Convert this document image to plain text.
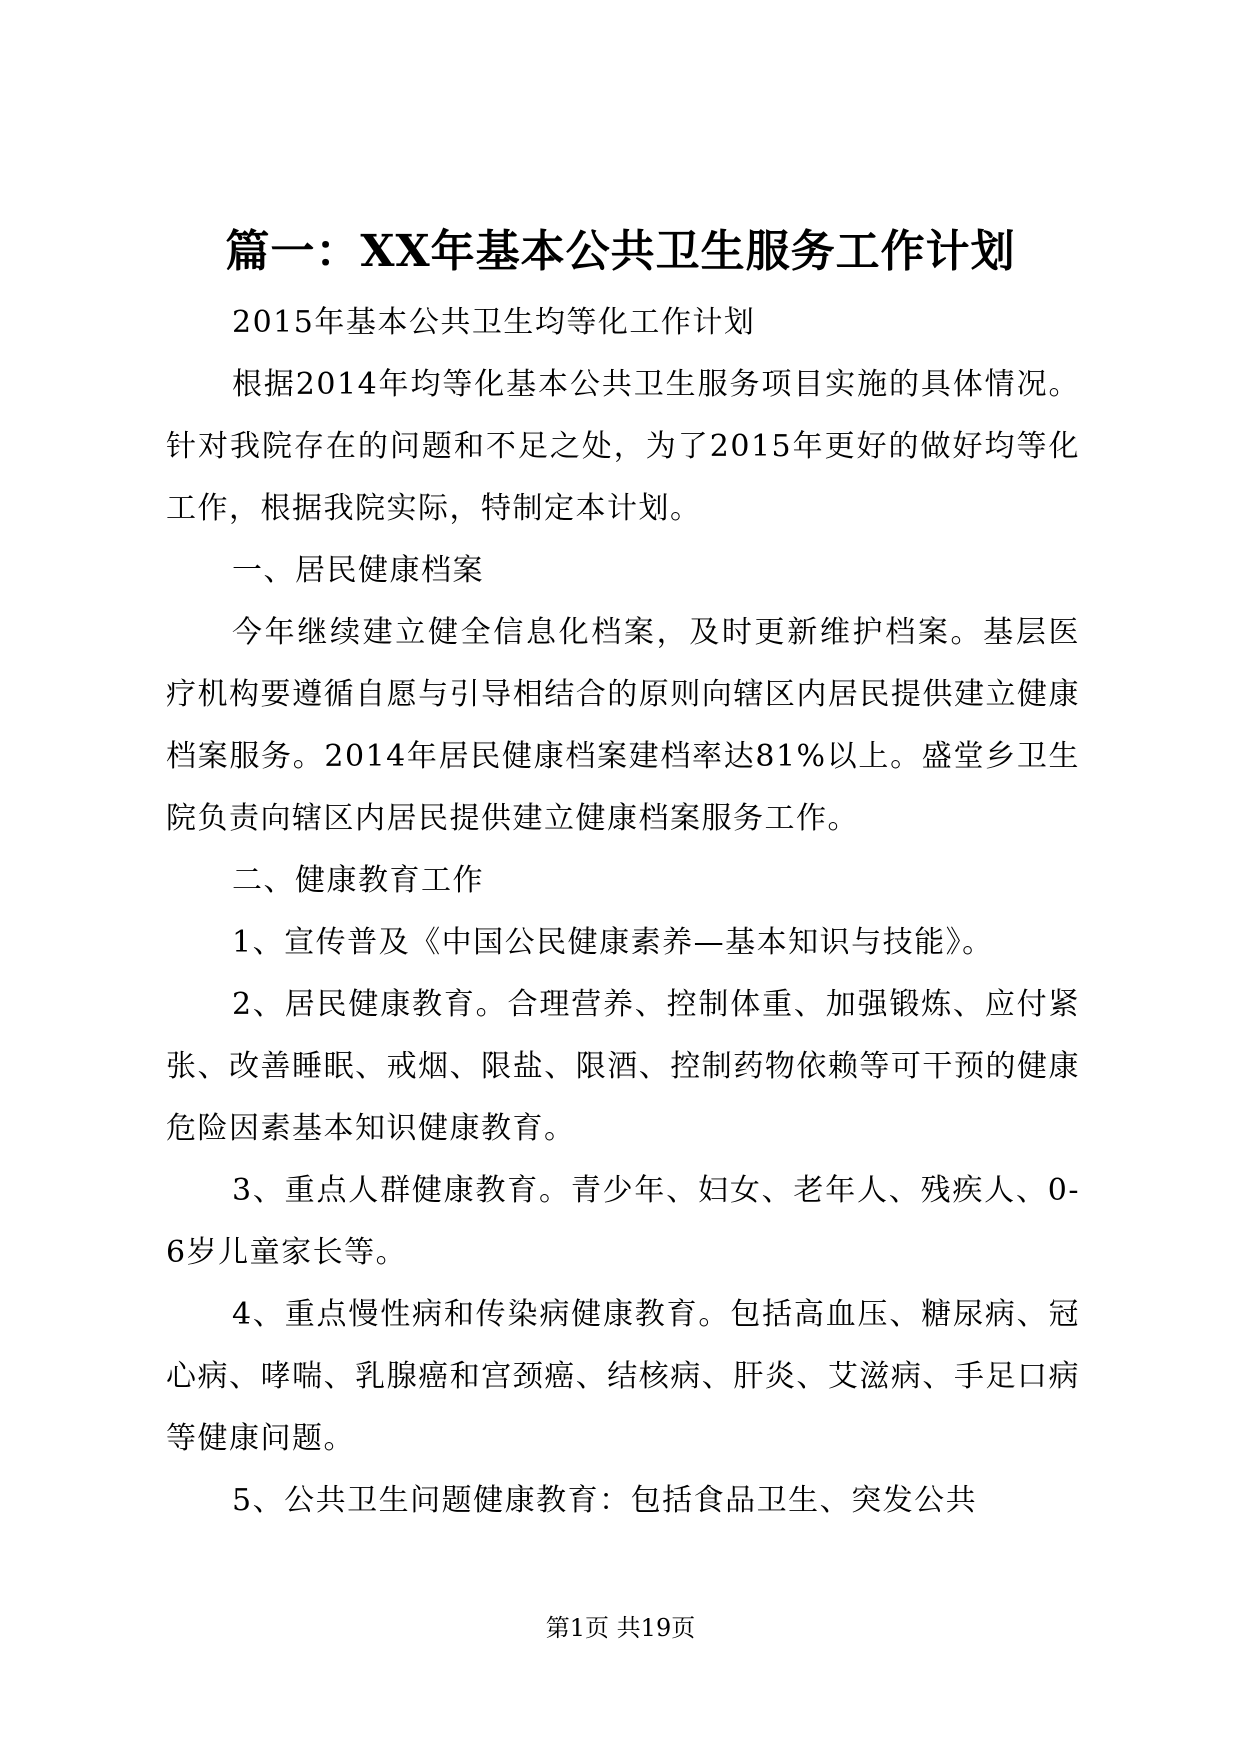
篇一：XX年基本公共卫生服务工作计划

2015年基本公共卫生均等化工作计划

根据2014年均等化基本公共卫生服务项目实施的具体情况。针对我院存在的问题和不足之处，为了2015年更好的做好均等化工作，根据我院实际，特制定本计划。

一、居民健康档案

今年继续建立健全信息化档案，及时更新维护档案。基层医疗机构要遵循自愿与引导相结合的原则向辖区内居民提供建立健康档案服务。2014年居民健康档案建档率达81%以上。盛堂乡卫生院负责向辖区内居民提供建立健康档案服务工作。

二、健康教育工作

1、宣传普及《中国公民健康素养—基本知识与技能》。

2、居民健康教育。合理营养、控制体重、加强锻炼、应付紧张、改善睡眠、戒烟、限盐、限酒、控制药物依赖等可干预的健康危险因素基本知识健康教育。

3、重点人群健康教育。青少年、妇女、老年人、残疾人、0-6岁儿童家长等。

4、重点慢性病和传染病健康教育。包括高血压、糖尿病、冠心病、哮喘、乳腺癌和宫颈癌、结核病、肝炎、艾滋病、手足口病等健康问题。

5、公共卫生问题健康教育：包括食品卫生、突发公共

第1页 共19页
